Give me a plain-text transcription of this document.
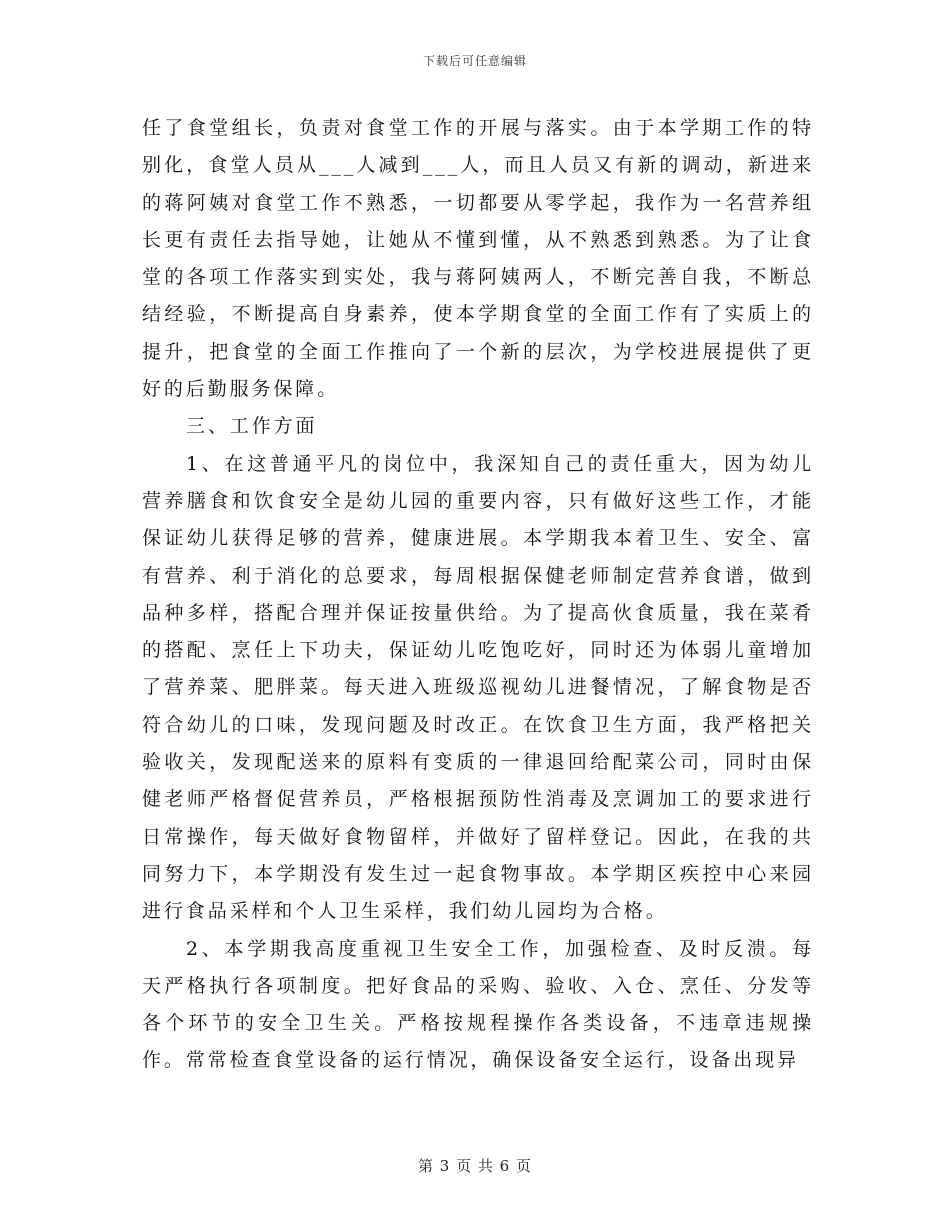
下载后可任意编辑

任了食堂组长，负责对食堂工作的开展与落实。由于本学期工作的特别化，食堂人员从___人减到___人，而且人员又有新的调动，新进来的蒋阿姨对食堂工作不熟悉，一切都要从零学起，我作为一名营养组长更有责任去指导她，让她从不懂到懂，从不熟悉到熟悉。为了让食堂的各项工作落实到实处，我与蒋阿姨两人，不断完善自我，不断总结经验，不断提高自身素养，使本学期食堂的全面工作有了实质上的提升，把食堂的全面工作推向了一个新的层次，为学校进展提供了更好的后勤服务保障。

三、工作方面

1、在这普通平凡的岗位中，我深知自己的责任重大，因为幼儿营养膳食和饮食安全是幼儿园的重要内容，只有做好这些工作，才能保证幼儿获得足够的营养，健康进展。本学期我本着卫生、安全、富有营养、利于消化的总要求，每周根据保健老师制定营养食谱，做到品种多样，搭配合理并保证按量供给。为了提高伙食质量，我在菜肴的搭配、烹任上下功夫，保证幼儿吃饱吃好，同时还为体弱儿童增加了营养菜、肥胖菜。每天进入班级巡视幼儿进餐情况，了解食物是否符合幼儿的口味，发现问题及时改正。在饮食卫生方面，我严格把关验收关，发现配送来的原料有变质的一律退回给配菜公司，同时由保健老师严格督促营养员，严格根据预防性消毒及烹调加工的要求进行日常操作，每天做好食物留样，并做好了留样登记。因此，在我的共同努力下，本学期没有发生过一起食物事故。本学期区疾控中心来园进行食品采样和个人卫生采样，我们幼儿园均为合格。

2、本学期我高度重视卫生安全工作，加强检查、及时反溃。每天严格执行各项制度。把好食品的采购、验收、入仓、烹任、分发等各个环节的安全卫生关。严格按规程操作各类设备，不违章违规操作。常常检查食堂设备的运行情况，确保设备安全运行，设备出现异

第 3 页 共 6 页
